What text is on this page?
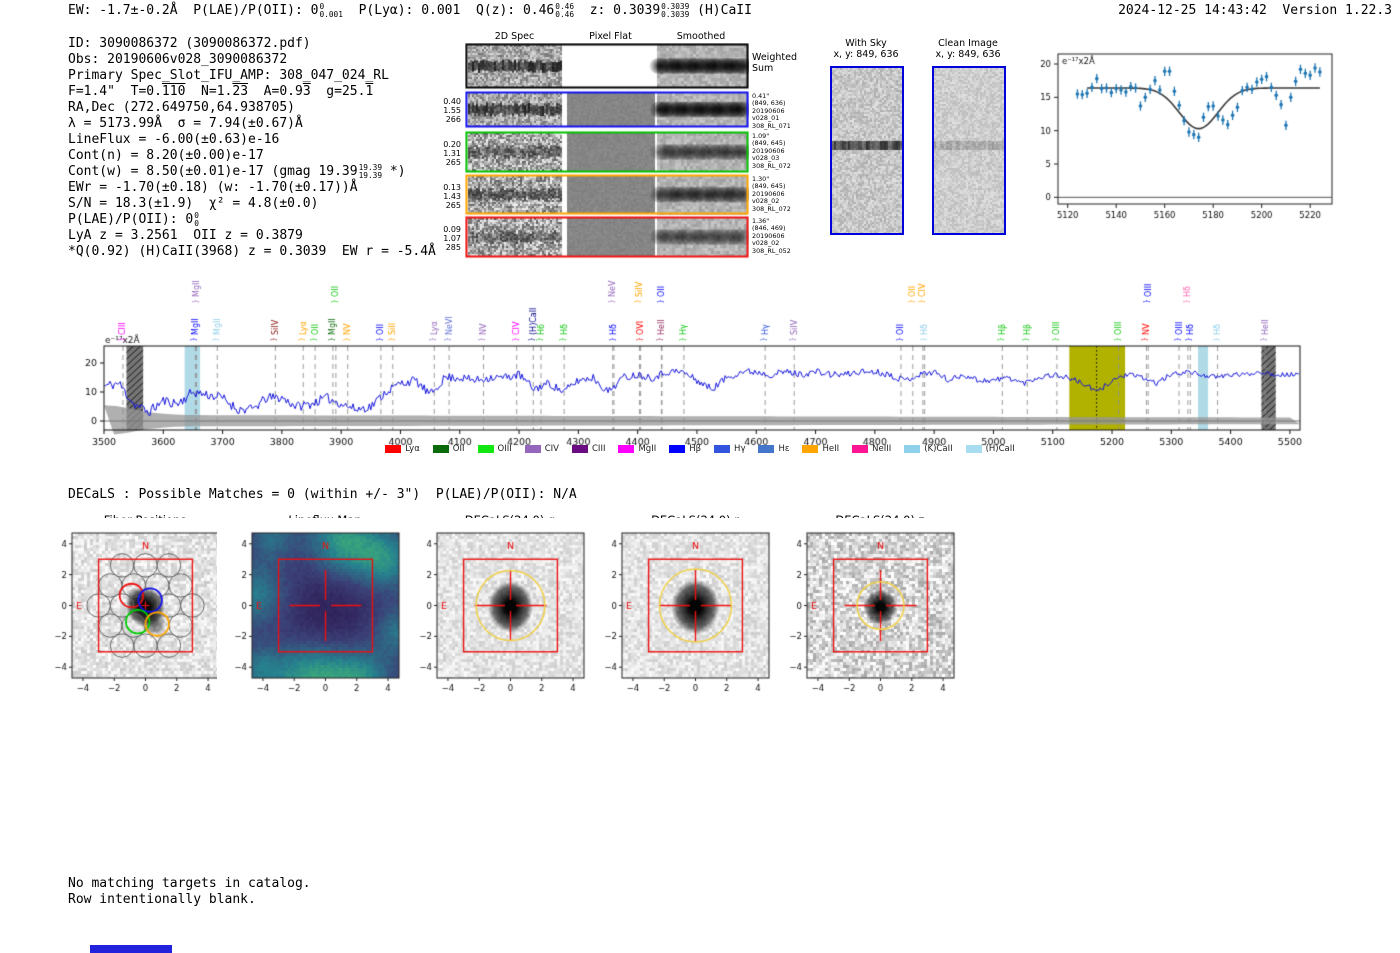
EW: -1.7±-0.2Å  P(LAE)/P(OII): 0 0
0.001 P(Lyα): 0.001  Q(z): 0.46 0.46
0.46 z: 0.3039 0.3039
0.3039 (H)CaII	2024-12-25 14:43:42  Version 1.22.3
ID: 3090086372 (3090086372.pdf)
Obs: 20190606v028_3090086372
Primary Spec_Slot_IFU_AMP: 308_047_024_RL
F=1.4"  T=0.110  N=1.23  A=0.93  g=25.1
RA,Dec (272.649750,64.938705)
λ = 5173.99Å  σ = 7.94(±0.67)Å
LineFlux = -6.00(±0.63)e-16
Cont(n) = 8.20(±0.00)e-17
Cont(w) = 8.50(±0.01)e-17 (gmag 19.39 19.39
19.39 *)
EWr = -1.70(±0.18) (w: -1.70(±0.17))Å
S/N = 18.3(±1.9)  χ² = 4.8(±0.0)
P(LAE)/P(OII): 0 0
0
LyA z = 3.2561  OII z = 0.3879
*Q(0.92) (H)CaII(3968) z = 0.3039  EW r = -5.4Å
2D Spec	Pixel Flat	Smoothed
Weighted
Sum
0.40
1.55
266
0.41"
(849, 636)
20190606
v028_01
308_RL_071
0.20
1.31
265
1.09"
(849, 645)
20190606
v028_03
308_RL_072
0.13
1.43
265
1.30"
(849, 645)
20190606
v028_02
308_RL_072
0.09
1.07
285
1.36"
(846, 469)
20190606
v028_02
308_RL_052
With Sky
x, y: 849, 636
Clean Image
x, y: 849, 636
Lyα	OII	OIII	CIV	CIII	MgII	Hβ	Hγ	Hε	HeII	NeIII	(K)CaII	(H)CaII
DECaLS : Possible Matches = 0 (within +/- 3")  P(LAE)/P(OII): N/A
No matching targets in catalog.
Row intentionally blank.
